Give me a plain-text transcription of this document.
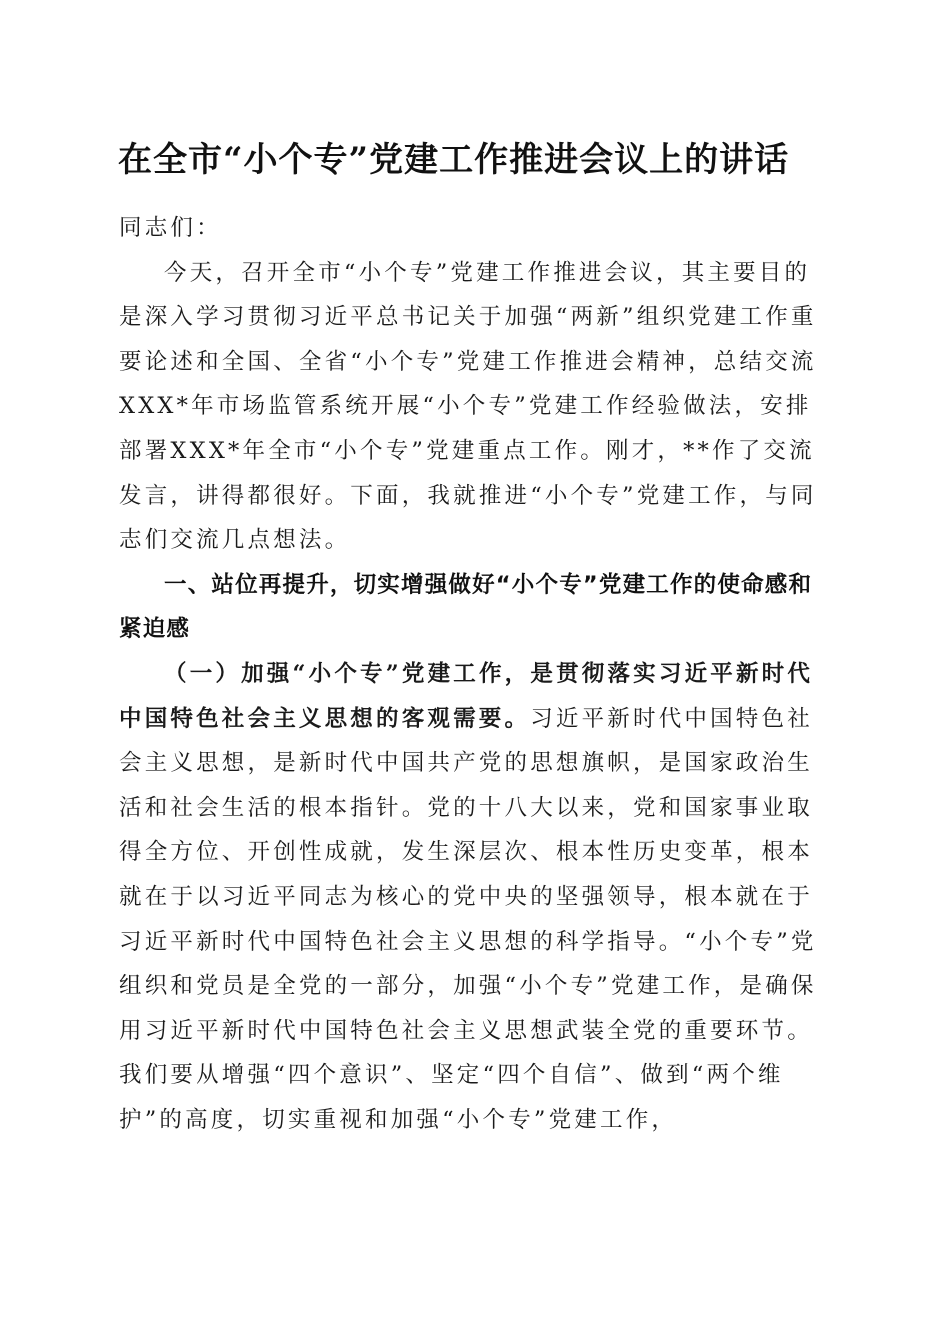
在全市“小个专”党建工作推进会议上的讲话

同志们：

今天，召开全市“小个专”党建工作推进会议，其主要目的是深入学习贯彻习近平总书记关于加强“两新”组织党建工作重要论述和全国、全省“小个专”党建工作推进会精神，总结交流XXX*年市场监管系统开展“小个专”党建工作经验做法，安排部署XXX*年全市“小个专”党建重点工作。刚才，**作了交流发言，讲得都很好。下面，我就推进“小个专”党建工作，与同志们交流几点想法。

一、站位再提升，切实增强做好“小个专”党建工作的使命感和紧迫感

（一）加强“小个专”党建工作，是贯彻落实习近平新时代中国特色社会主义思想的客观需要。习近平新时代中国特色社会主义思想，是新时代中国共产党的思想旗帜，是国家政治生活和社会生活的根本指针。党的十八大以来，党和国家事业取得全方位、开创性成就，发生深层次、根本性历史变革，根本就在于以习近平同志为核心的党中央的坚强领导，根本就在于习近平新时代中国特色社会主义思想的科学指导。“小个专”党组织和党员是全党的一部分，加强“小个专”党建工作，是确保用习近平新时代中国特色社会主义思想武装全党的重要环节。我们要从增强“四个意识”、坚定“四个自信”、做到“两个维护”的高度，切实重视和加强“小个专”党建工作，
